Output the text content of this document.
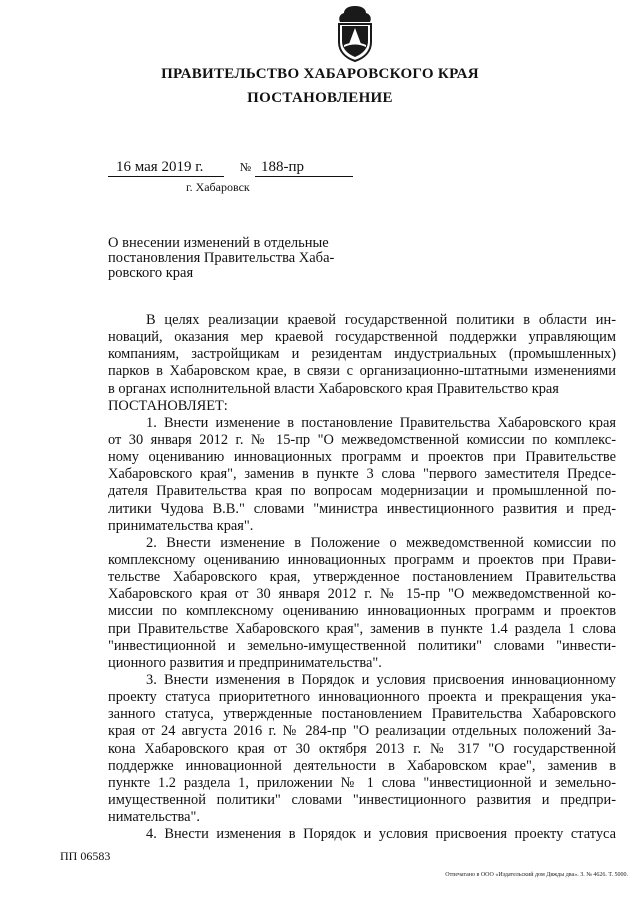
ПРАВИТЕЛЬСТВО ХАБАРОВСКОГО КРАЯ
ПОСТАНОВЛЕНИЕ
16 мая 2019 г.	№ 188-пр
г. Хабаровск
О внесении изменений в отдельные
постановления Правительства Хаба-
ровского края
В целях реализации краевой государственной политики в области ин-
новаций, оказания мер краевой государственной поддержки управляющим
компаниям, застройщикам и резидентам индустриальных (промышленных)
парков в Хабаровском крае, в связи с организационно-штатными изменениями
в органах исполнительной власти Хабаровского края Правительство края
ПОСТАНОВЛЯЕТ:
1. Внести изменение в постановление Правительства Хабаровского края
от 30 января 2012 г. № 15-пр "О межведомственной комиссии по комплекс-
ному оцениванию инновационных программ и проектов при Правительстве
Хабаровского края", заменив в пункте 3 слова "первого заместителя Предсе-
дателя Правительства края по вопросам модернизации и промышленной по-
литики Чудова В.В." словами "министра инвестиционного развития и пред-
принимательства края".
2. Внести изменение в Положение о межведомственной комиссии по
комплексному оцениванию инновационных программ и проектов при Прави-
тельстве Хабаровского края, утвержденное постановлением Правительства
Хабаровского края от 30 января 2012 г. № 15-пр "О межведомственной ко-
миссии по комплексному оцениванию инновационных программ и проектов
при Правительстве Хабаровского края", заменив в пункте 1.4 раздела 1 слова
"инвестиционной и земельно-имущественной политики" словами "инвести-
ционного развития и предпринимательства".
3. Внести изменения в Порядок и условия присвоения инновационному
проекту статуса приоритетного инновационного проекта и прекращения ука-
занного статуса, утвержденные постановлением Правительства Хабаровского
края от 24 августа 2016 г. № 284-пр "О реализации отдельных положений За-
кона Хабаровского края от 30 октября 2013 г. № 317 "О государственной
поддержке инновационной деятельности в Хабаровском крае", заменив в
пункте 1.2 раздела 1, приложении № 1 слова "инвестиционной и земельно-
имущественной политики" словами "инвестиционного развития и предпри-
нимательства".
4. Внести изменения в Порядок и условия присвоения проекту статуса
ПП 06583
Отпечатано в ООО «Издательский дом Двжды два». З. № 4626. Т. 5000.
